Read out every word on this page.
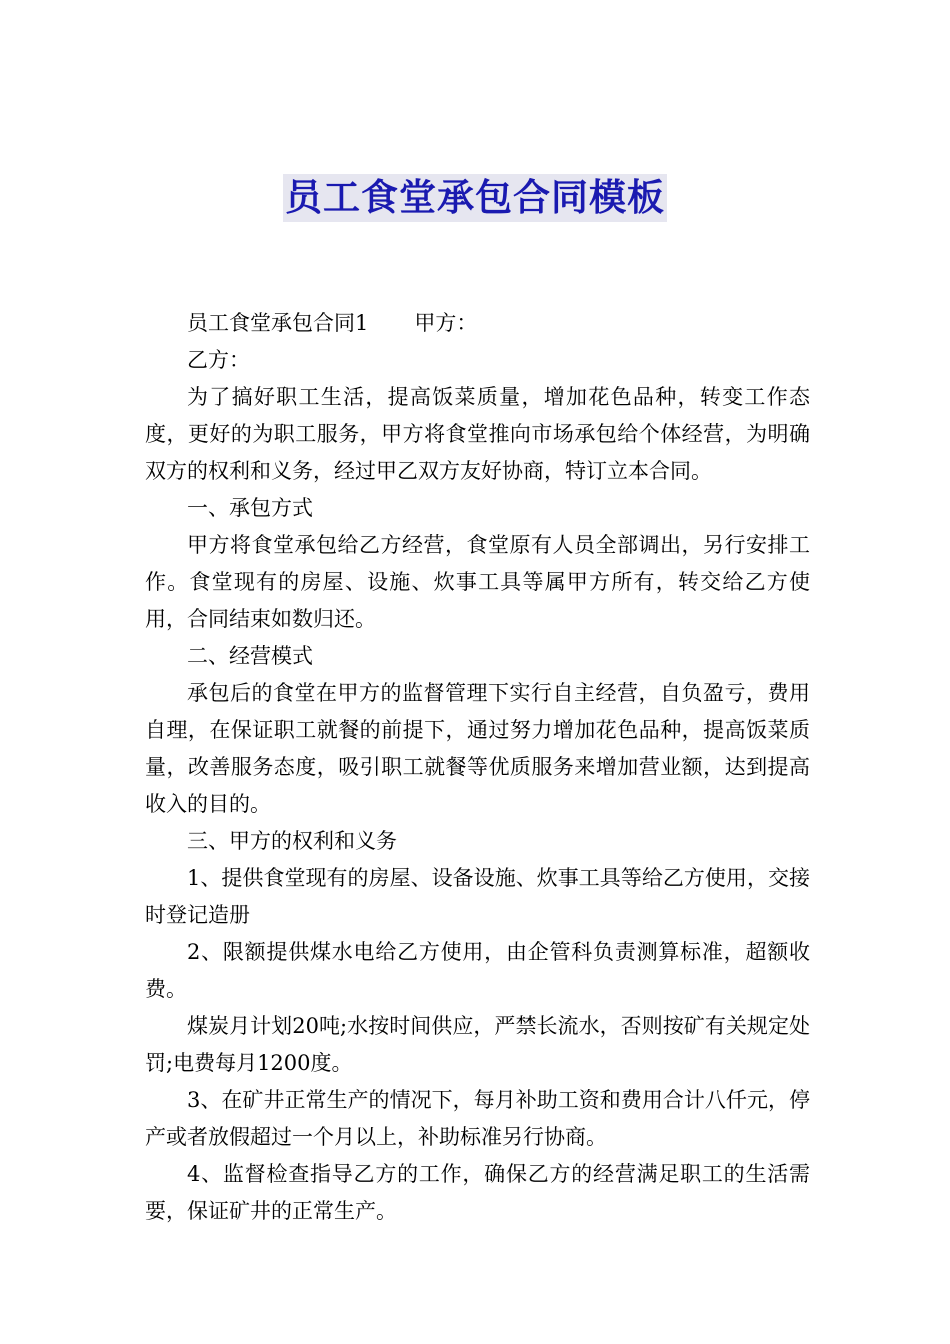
员工食堂承包合同模板

员工食堂承包合同1 甲方：

乙方：

为了搞好职工生活，提高饭菜质量，增加花色品种，转变工作态度，更好的为职工服务，甲方将食堂推向市场承包给个体经营，为明确双方的权利和义务，经过甲乙双方友好协商，特订立本合同。

一、承包方式

甲方将食堂承包给乙方经营，食堂原有人员全部调出，另行安排工作。食堂现有的房屋、设施、炊事工具等属甲方所有，转交给乙方使用，合同结束如数归还。

二、经营模式

承包后的食堂在甲方的监督管理下实行自主经营，自负盈亏，费用自理，在保证职工就餐的前提下，通过努力增加花色品种，提高饭菜质量，改善服务态度，吸引职工就餐等优质服务来增加营业额，达到提高收入的目的。

三、甲方的权利和义务

1、提供食堂现有的房屋、设备设施、炊事工具等给乙方使用，交接时登记造册

2、限额提供煤水电给乙方使用，由企管科负责测算标准，超额收费。

煤炭月计划20吨;水按时间供应，严禁长流水，否则按矿有关规定处罚;电费每月1200度。

3、在矿井正常生产的情况下，每月补助工资和费用合计八仟元，停产或者放假超过一个月以上，补助标准另行协商。

4、监督检查指导乙方的工作，确保乙方的经营满足职工的生活需要，保证矿井的正常生产。
